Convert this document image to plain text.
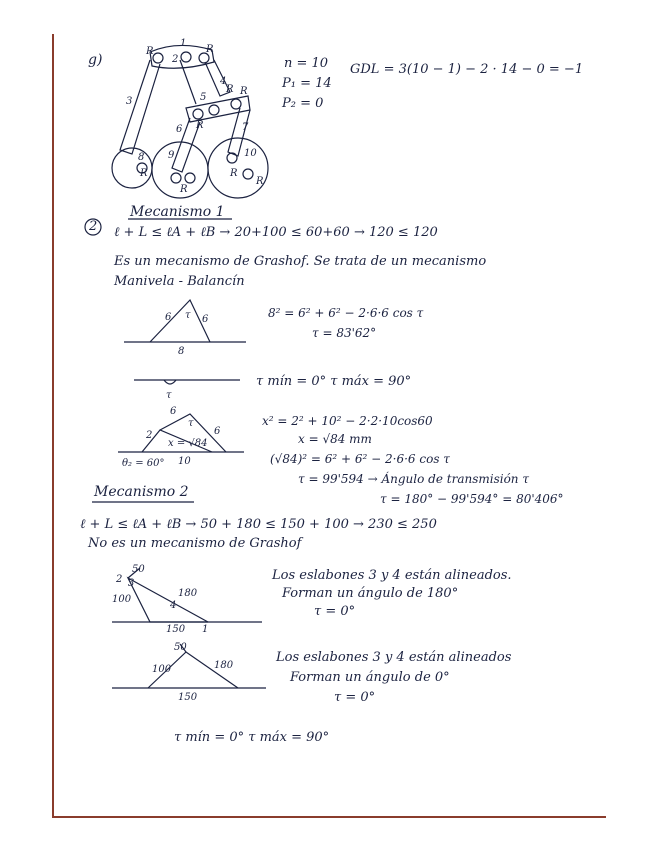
1
2
3
4
5
6	7
8 9	10
R	R
R R
R
R
R
R
R
6	6
τ
8
τ
2
6
6
τ
x = √84
θ₂ = 60° 10
50
2 3
100
180
4
150 1
50
100	180
150
g)	n = 10
P₁ = 14
P₂ = 0
GDL = 3(10 − 1) − 2 · 14 − 0 = −1
2
Mecanismo 1
ℓ + L ≤ ℓA + ℓB → 20+100 ≤ 60+60 → 120 ≤ 120
Es un mecanismo de Grashof. Se trata de un mecanismo
Manivela - Balancín
8² = 6² + 6² − 2·6·6 cos τ
τ = 83'62°
τ mín = 0° τ máx = 90°
x² = 2² + 10² − 2·2·10cos60
x = √84 mm
(√84)² = 6² + 6² − 2·6·6 cos τ
τ = 99'594 → Ángulo de transmisión τ
τ = 180° − 99'594° = 80'406°
Mecanismo 2
ℓ + L ≤ ℓA + ℓB → 50 + 180 ≤ 150 + 100 → 230 ≤ 250
No es un mecanismo de Grashof
Los eslabones 3 y 4 están alineados.
Forman un ángulo de 180°
τ = 0°
Los eslabones 3 y 4 están alineados
Forman un ángulo de 0°
τ = 0°
τ mín = 0° τ máx = 90°
